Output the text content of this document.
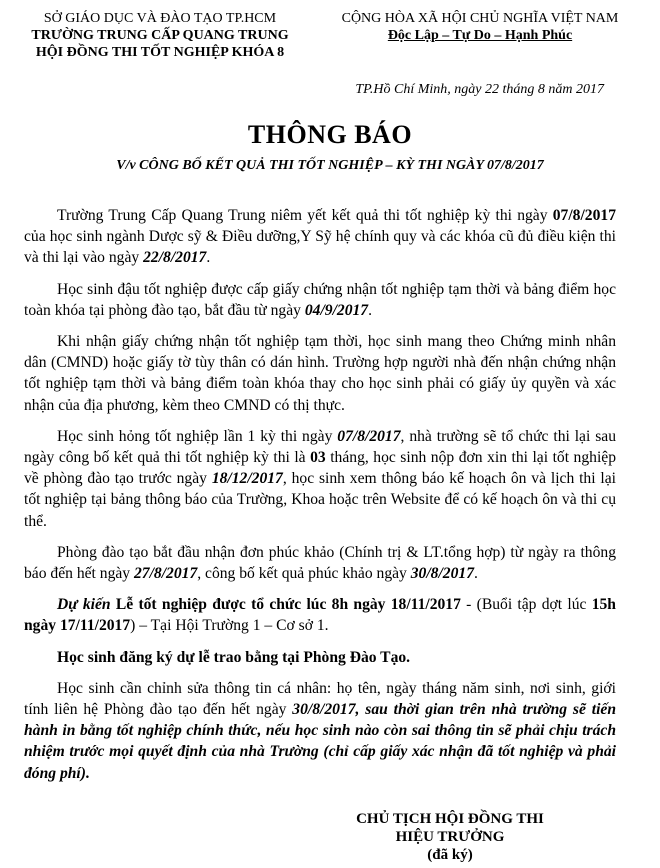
SỞ GIÁO DỤC VÀ ĐÀO TẠO TP.HCM
TRƯỜNG TRUNG CẤP QUANG TRUNG
HỘI ĐỒNG THI TỐT NGHIỆP KHÓA 8
CỘNG HÒA XÃ HỘI CHỦ NGHĨA VIỆT NAM
Độc Lập – Tự Do – Hạnh Phúc
TP.Hồ Chí Minh, ngày 22 tháng 8 năm 2017
THÔNG BÁO
V/v CÔNG BỐ KẾT QUẢ THI TỐT NGHIỆP – KỲ THI NGÀY 07/8/2017

Trường Trung Cấp Quang Trung niêm yết kết quả thi tốt nghiệp kỳ thi ngày 07/8/2017 của học sinh ngành Dược sỹ & Điều dưỡng,Y Sỹ hệ chính quy và các khóa cũ đủ điều kiện thi và thi lại vào ngày 22/8/2017.

Học sinh đậu tốt nghiệp được cấp giấy chứng nhận tốt nghiệp tạm thời và bảng điểm học toàn khóa tại phòng đào tạo, bắt đầu từ ngày 04/9/2017.

Khi nhận giấy chứng nhận tốt nghiệp tạm thời, học sinh mang theo Chứng minh nhân dân (CMND) hoặc giấy tờ tùy thân có dán hình. Trường hợp người nhà đến nhận chứng nhận tốt nghiệp tạm thời và bảng điểm toàn khóa thay cho học sinh phải có giấy ủy quyền và xác nhận của địa phương, kèm theo CMND có thị thực.

Học sinh hỏng tốt nghiệp lần 1 kỳ thi ngày 07/8/2017, nhà trường sẽ tổ chức thi lại sau ngày công bố kết quả thi tốt nghiệp kỳ thi là 03 tháng, học sinh nộp đơn xin thi lại tốt nghiệp về phòng đào tạo trước ngày 18/12/2017, học sinh xem thông báo kế hoạch ôn và lịch thi lại tốt nghiệp tại bảng thông báo của Trường, Khoa hoặc trên Website để có kế hoạch ôn và thi cụ thể.

Phòng đào tạo bắt đầu nhận đơn phúc khảo (Chính trị & LT.tổng hợp) từ ngày ra thông báo đến hết ngày 27/8/2017, công bố kết quả phúc khảo ngày 30/8/2017.

Dự kiến Lễ tốt nghiệp được tổ chức lúc 8h ngày 18/11/2017 - (Buổi tập dợt lúc 15h ngày 17/11/2017) – Tại Hội Trường 1 – Cơ sở 1.

Học sinh đăng ký dự lễ trao bằng tại Phòng Đào Tạo.

Học sinh cần chỉnh sửa thông tin cá nhân: họ tên, ngày tháng năm sinh, nơi sinh, giới tính liên hệ Phòng đào tạo đến hết ngày 30/8/2017, sau thời gian trên nhà trường sẽ tiến hành in bằng tốt nghiệp chính thức, nếu học sinh nào còn sai thông tin sẽ phải chịu trách nhiệm trước mọi quyết định của nhà Trường (chỉ cấp giấy xác nhận đã tốt nghiệp và phải đóng phí).

CHỦ TỊCH HỘI ĐỒNG THI
HIỆU TRƯỞNG
(đã ký)
